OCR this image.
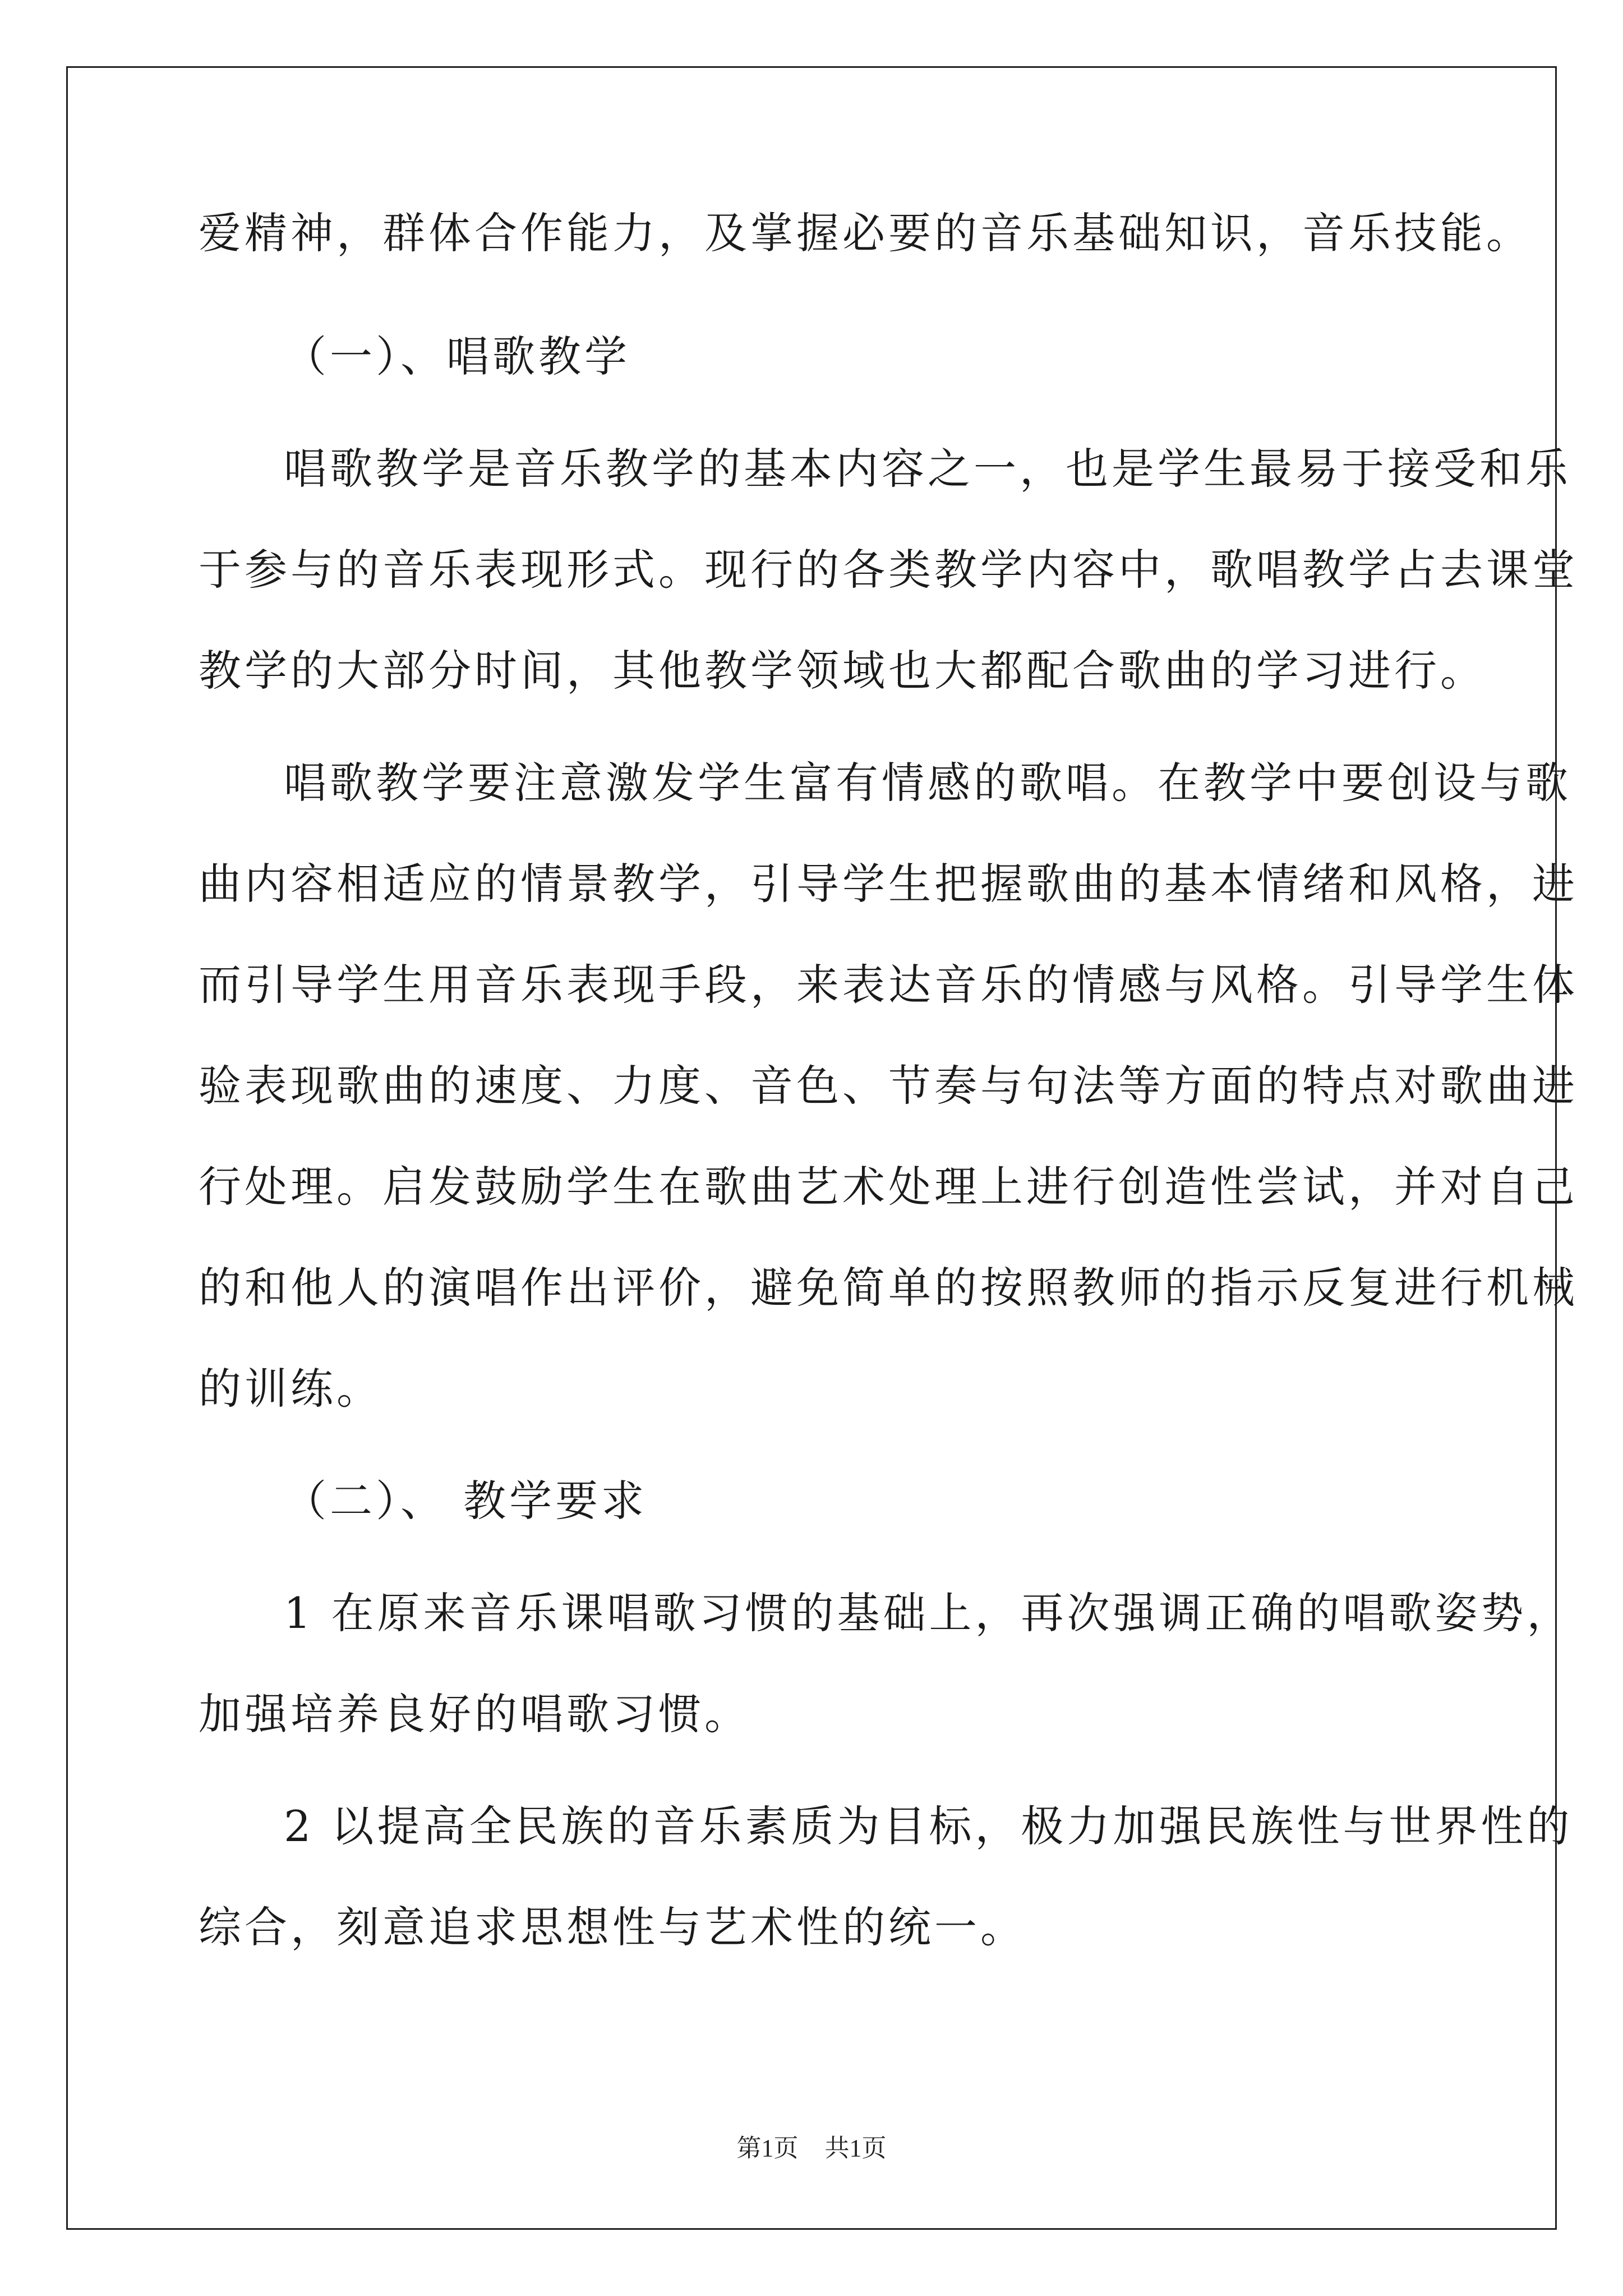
爱精神，群体合作能力，及掌握必要的音乐基础知识，音乐技能。
（一）、唱歌教学
唱歌教学是音乐教学的基本内容之一，也是学生最易于接受和乐
于参与的音乐表现形式。现行的各类教学内容中，歌唱教学占去课堂
教学的大部分时间，其他教学领域也大都配合歌曲的学习进行。
唱歌教学要注意激发学生富有情感的歌唱。在教学中要创设与歌
曲内容相适应的情景教学，引导学生把握歌曲的基本情绪和风格，进
而引导学生用音乐表现手段，来表达音乐的情感与风格。引导学生体
验表现歌曲的速度、力度、音色、节奏与句法等方面的特点对歌曲进
行处理。启发鼓励学生在歌曲艺术处理上进行创造性尝试，并对自己
的和他人的演唱作出评价，避免简单的按照教师的指示反复进行机械
的训练。
（二）、 教学要求
1 在原来音乐课唱歌习惯的基础上，再次强调正确的唱歌姿势，
加强培养良好的唱歌习惯。
2 以提高全民族的音乐素质为目标，极力加强民族性与世界性的
综合，刻意追求思想性与艺术性的统一。
第1页 共1页
